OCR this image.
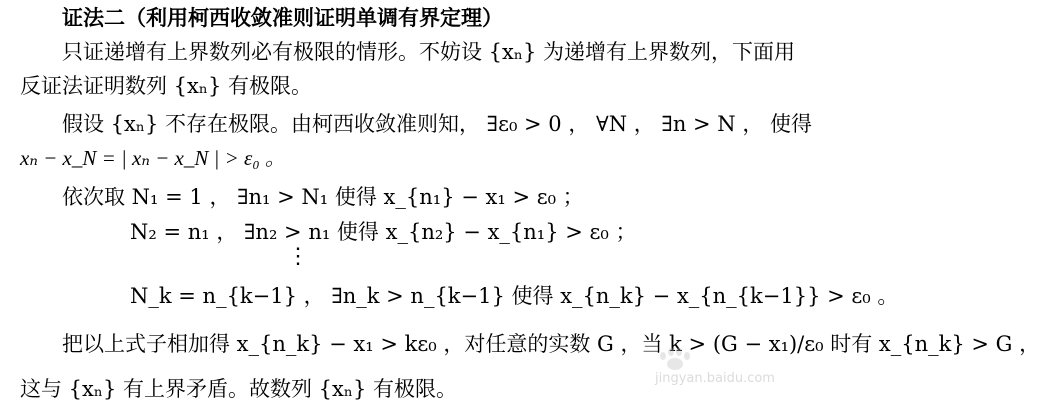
证法二（利用柯西收敛准则证明单调有界定理）
只证递增有上界数列必有极限的情形。不妨设 {xₙ} 为递增有上界数列，下面用
反证法证明数列 {xₙ} 有极限。
假设 {xₙ} 不存在极限。由柯西收敛准则知， ∃ε₀ > 0 ， ∀N ， ∃n > N ， 使得
xₙ − x_N = | xₙ − x_N | > ε₀ 。
依次取 N₁ = 1 ， ∃n₁ > N₁ 使得 x_{n₁} − x₁ > ε₀ ；
N₂ = n₁ ， ∃n₂ > n₁ 使得 x_{n₂} − x_{n₁} > ε₀ ；
⋮
N_k = n_{k−1} ， ∃n_k > n_{k−1} 使得 x_{n_k} − x_{n_{k−1}} > ε₀ 。
把以上式子相加得 x_{n_k} − x₁ > kε₀ ，对任意的实数 G ，当 k > (G − x₁)/ε₀ 时有 x_{n_k} > G ，
这与 {xₙ} 有上界矛盾。故数列 {xₙ} 有极限。	jingyan.baidu.com
